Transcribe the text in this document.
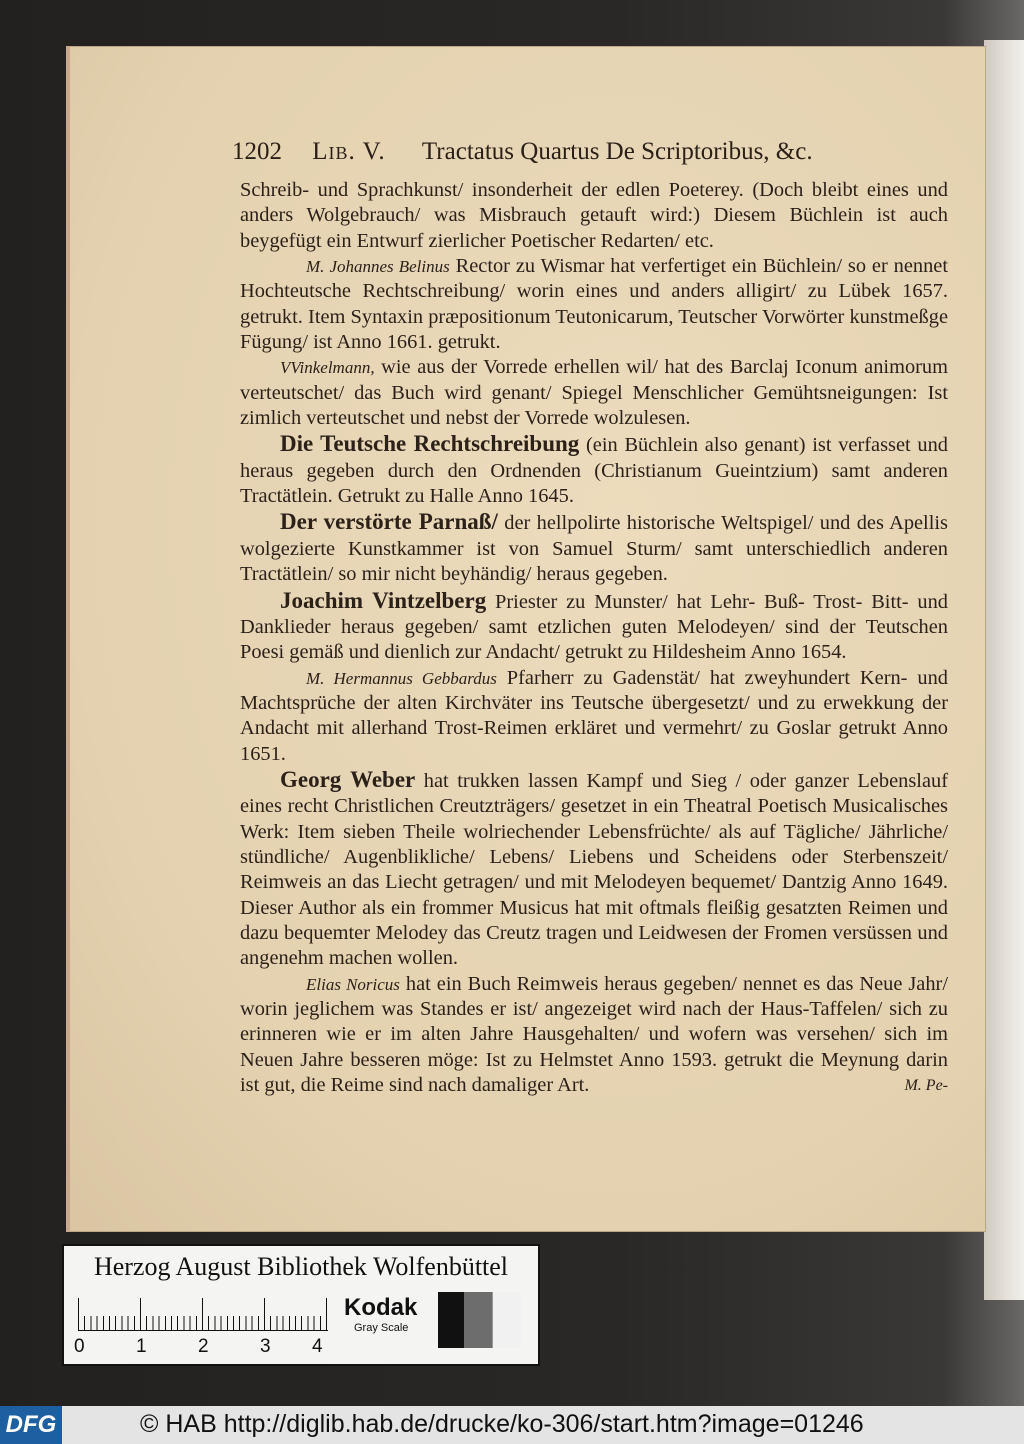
1202 Lib. V. Tractatus Quartus De Scriptoribus, &c.

Schreib- und Sprachkunst/ insonderheit der edlen Poeterey. (Doch bleibt eines und anders Wolgebrauch/ was Misbrauch getauft wird:) Diesem Büchlein ist auch beygefügt ein Entwurf zierlicher Poetischer Redarten/ etc.

M. Johannes Belinus Rector zu Wismar hat verfertiget ein Büchlein/ so er nennet Hochteutsche Rechtschreibung/ worin eines und anders alligirt/ zu Lübek 1657. getrukt. Item Syntaxin præpositionum Teutonicarum, Teutscher Vorwörter kunstmeßge Fügung/ ist Anno 1661. getrukt.

VVinkelmann, wie aus der Vorrede erhellen wil/ hat des Barclaj Iconum animorum verteutschet/ das Buch wird genant/ Spiegel Menschlicher Gemühtsneigungen: Ist zimlich verteutschet und nebst der Vorrede wolzulesen.

Die Teutsche Rechtschreibung (ein Büchlein also genant) ist verfasset und heraus gegeben durch den Ordnenden (Christianum Gueintzium) samt anderen Tractätlein. Getrukt zu Halle Anno 1645.

Der verstörte Parnaß/ der hellpolirte historische Weltspigel/ und des Apellis wolgezierte Kunstkammer ist von Samuel Sturm/ samt unterschiedlich anderen Tractätlein/ so mir nicht beyhändig/ heraus gegeben.

Joachim Vintzelberg Priester zu Munster/ hat Lehr- Buß- Trost- Bitt- und Danklieder heraus gegeben/ samt etzlichen guten Melodeyen/ sind der Teutschen Poesi gemäß und dienlich zur Andacht/ getrukt zu Hildesheim Anno 1654.

M. Hermannus Gebbardus Pfarherr zu Gadenstät/ hat zweyhundert Kern- und Machtsprüche der alten Kirchväter ins Teutsche übergesetzt/ und zu erwekkung der Andacht mit allerhand Trost-Reimen erkläret und vermehrt/ zu Goslar getrukt Anno 1651.

Georg Weber hat trukken lassen Kampf und Sieg / oder ganzer Lebenslauf eines recht Christlichen Creutzträgers/ gesetzet in ein Theatral Poetisch Musicalisches Werk: Item sieben Theile wolriechender Lebensfrüchte/ als auf Tägliche/ Jährliche/ stündliche/ Augenblikliche/ Lebens/ Liebens und Scheidens oder Sterbenszeit/ Reimweis an das Liecht getragen/ und mit Melodeyen bequemet/ Dantzig Anno 1649. Dieser Author als ein frommer Musicus hat mit oftmals fleißig gesatzten Reimen und dazu bequemter Melodey das Creutz tragen und Leidwesen der Fromen versüssen und angenehm machen wollen.

Elias Noricus hat ein Buch Reimweis heraus gegeben/ nennet es das Neue Jahr/ worin jeglichem was Standes er ist/ angezeiget wird nach der Haus-Taffelen/ sich zu erinneren wie er im alten Jahre Hausgehalten/ und wofern was versehen/ sich im Neuen Jahre besseren möge: Ist zu Helmstet Anno 1593. getrukt die Meynung darin ist gut, die Reime sind nach damaliger Art.	M. Pe-

Herzog August Bibliothek Wolfenbüttel
0	1	2	3 4
Kodak
Gray Scale
DFG	© HAB http://diglib.hab.de/drucke/ko-306/start.htm?image=01246
